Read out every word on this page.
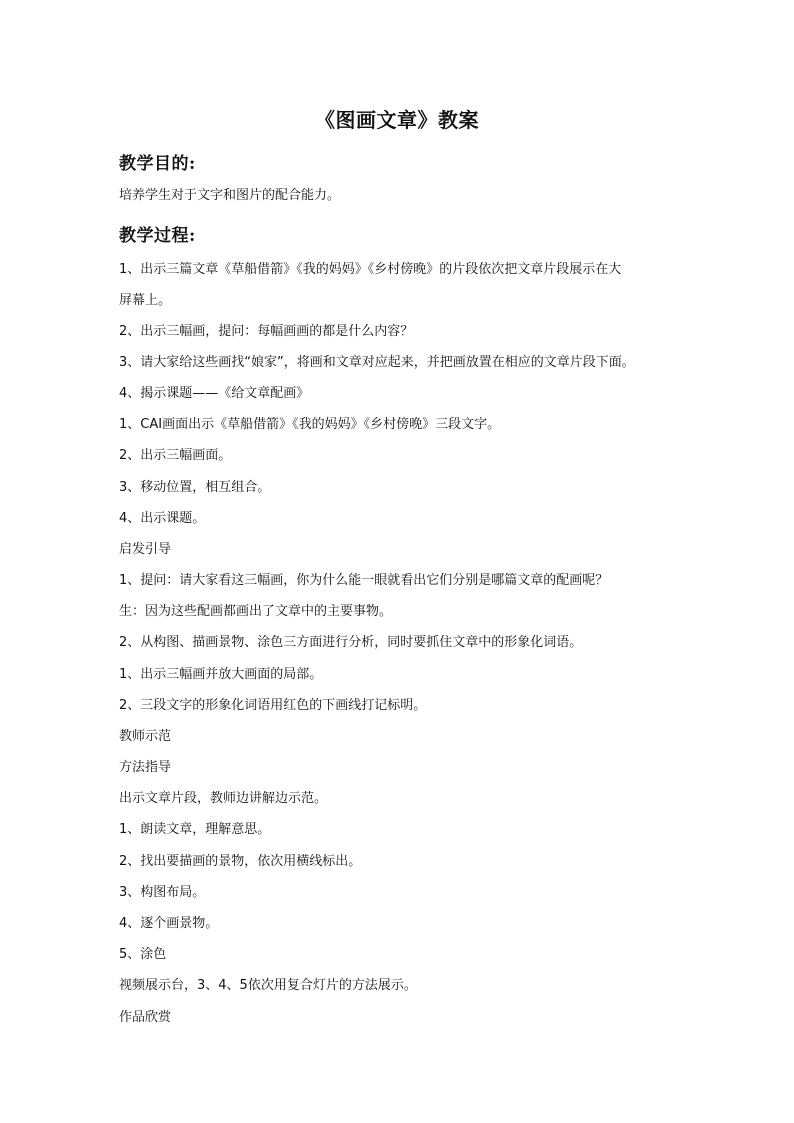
《图画文章》教案
教学目的:
培养学生对于文字和图片的配合能力。
教学过程:
1、出示三篇文章《草船借箭》《我的妈妈》《乡村傍晚》的片段依次把文章片段展示在大
屏幕上。
2、出示三幅画，提问：每幅画画的都是什么内容？
3、请大家给这些画找“娘家”，将画和文章对应起来，并把画放置在相应的文章片段下面。
4、揭示课题——《给文章配画》
1、CAI画面出示《草船借箭》《我的妈妈》《乡村傍晚》三段文字。
2、出示三幅画面。
3、移动位置，相互组合。
4、出示课题。
启发引导
1、提问：请大家看这三幅画，你为什么能一眼就看出它们分别是哪篇文章的配画呢？
生：因为这些配画都画出了文章中的主要事物。
2、从构图、描画景物、涂色三方面进行分析，同时要抓住文章中的形象化词语。
1、出示三幅画并放大画面的局部。
2、三段文字的形象化词语用红色的下画线打记标明。
教师示范
方法指导
出示文章片段，教师边讲解边示范。
1、朗读文章，理解意思。
2、找出要描画的景物，依次用横线标出。
3、构图布局。
4、逐个画景物。
5、涂色
视频展示台，3、4、5依次用复合灯片的方法展示。
作品欣赏
